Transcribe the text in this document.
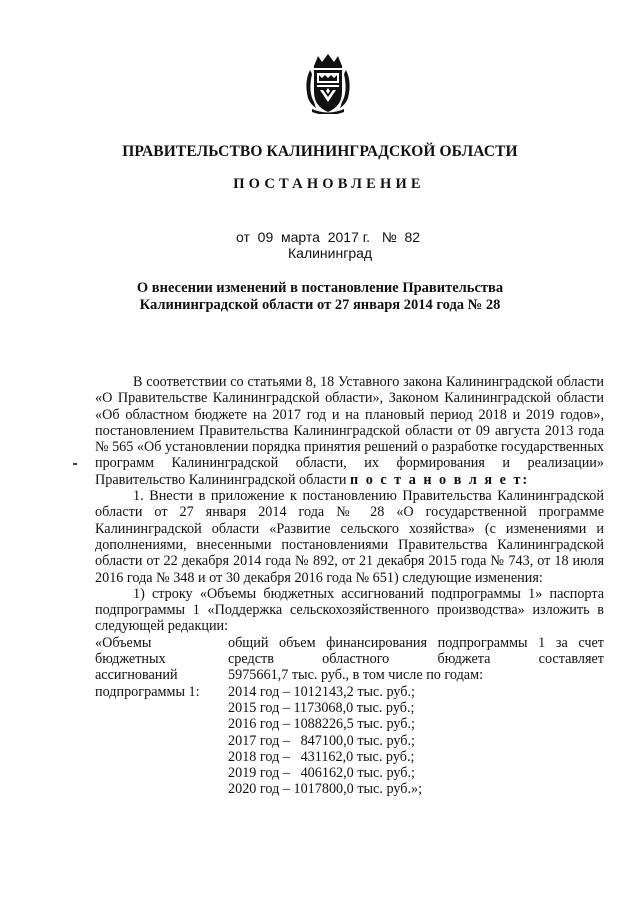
ПРАВИТЕЛЬСТВО КАЛИНИНГРАДСКОЙ ОБЛАСТИ
ПОСТАНОВЛЕНИЕ
от  09  марта  2017 г.   №  82
Калининград
О внесении изменений в постановление Правительства
Калининградской области от 27 января 2014 года № 28
В соответствии со статьями 8, 18 Уставного закона Калининградской области «О Правительстве Калининградской области», Законом Калининградской области «Об областном бюджете на 2017 год и на плановый период 2018 и 2019 годов», постановлением Правительства Калининградской области от 09 августа 2013 года № 565 «Об установлении порядка принятия решений о разработке государственных программ Калининградской области, их формирования и реализации» Правительство Калининградской области п о с т а н о в л я е т:
1. Внести в приложение к постановлению Правительства Калининградской области от 27 января 2014 года № 28 «О государственной программе Калининградской области «Развитие сельского хозяйства» (с изменениями и дополнениями, внесенными постановлениями Правительства Калининградской области от 22 декабря 2014 года № 892, от 21 декабря 2015 года № 743, от 18 июля 2016 года № 348 и от 30 декабря 2016 года № 651) следующие изменения:
1) строку «Объемы бюджетных ассигнований подпрограммы 1» паспорта подпрограммы 1 «Поддержка сельскохозяйственного производства» изложить в следующей редакции:
«Объемы	общий объем финансирования подпрограммы 1 за счет
бюджетных	средств областного бюджета составляет
ассигнований	5975661,7 тыс. руб., в том числе по годам:
подпрограммы 1:	2014 год – 1012143,2 тыс. руб.;
2015 год – 1173068,0 тыс. руб.;
2016 год – 1088226,5 тыс. руб.;
2017 год –   847100,0 тыс. руб.;
2018 год –   431162,0 тыс. руб.;
2019 год –   406162,0 тыс. руб.;
2020 год – 1017800,0 тыс. руб.»;
